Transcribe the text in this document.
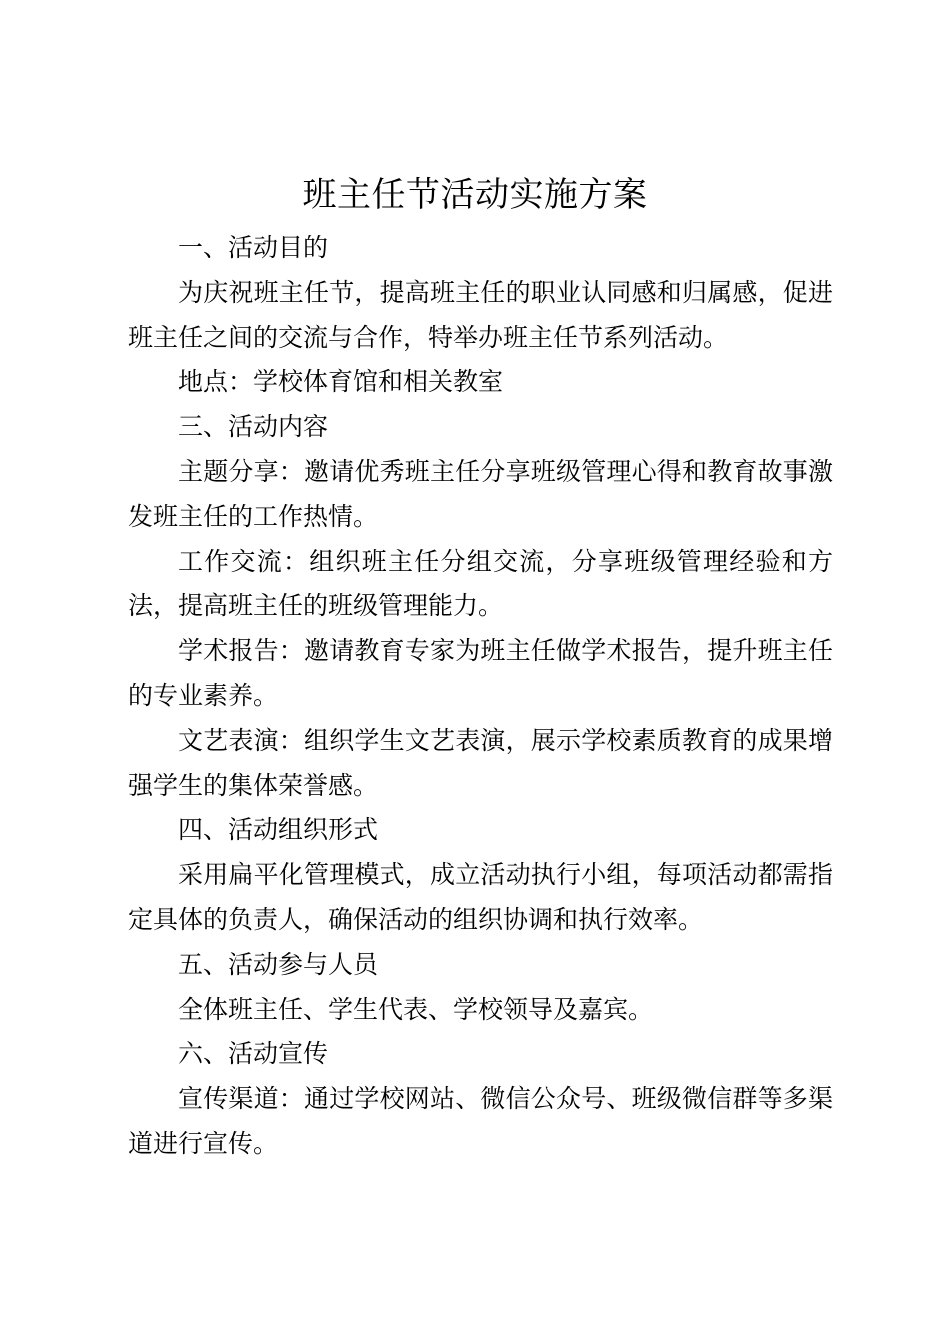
班主任节活动实施方案

一、活动目的

为庆祝班主任节，提高班主任的职业认同感和归属感，促进班主任之间的交流与合作，特举办班主任节系列活动。

地点：学校体育馆和相关教室

三、活动内容

主题分享：邀请优秀班主任分享班级管理心得和教育故事激发班主任的工作热情。

工作交流：组织班主任分组交流，分享班级管理经验和方法，提高班主任的班级管理能力。

学术报告：邀请教育专家为班主任做学术报告，提升班主任的专业素养。

文艺表演：组织学生文艺表演，展示学校素质教育的成果增强学生的集体荣誉感。

四、活动组织形式

采用扁平化管理模式，成立活动执行小组，每项活动都需指定具体的负责人，确保活动的组织协调和执行效率。

五、活动参与人员

全体班主任、学生代表、学校领导及嘉宾。

六、活动宣传

宣传渠道：通过学校网站、微信公众号、班级微信群等多渠道进行宣传。
